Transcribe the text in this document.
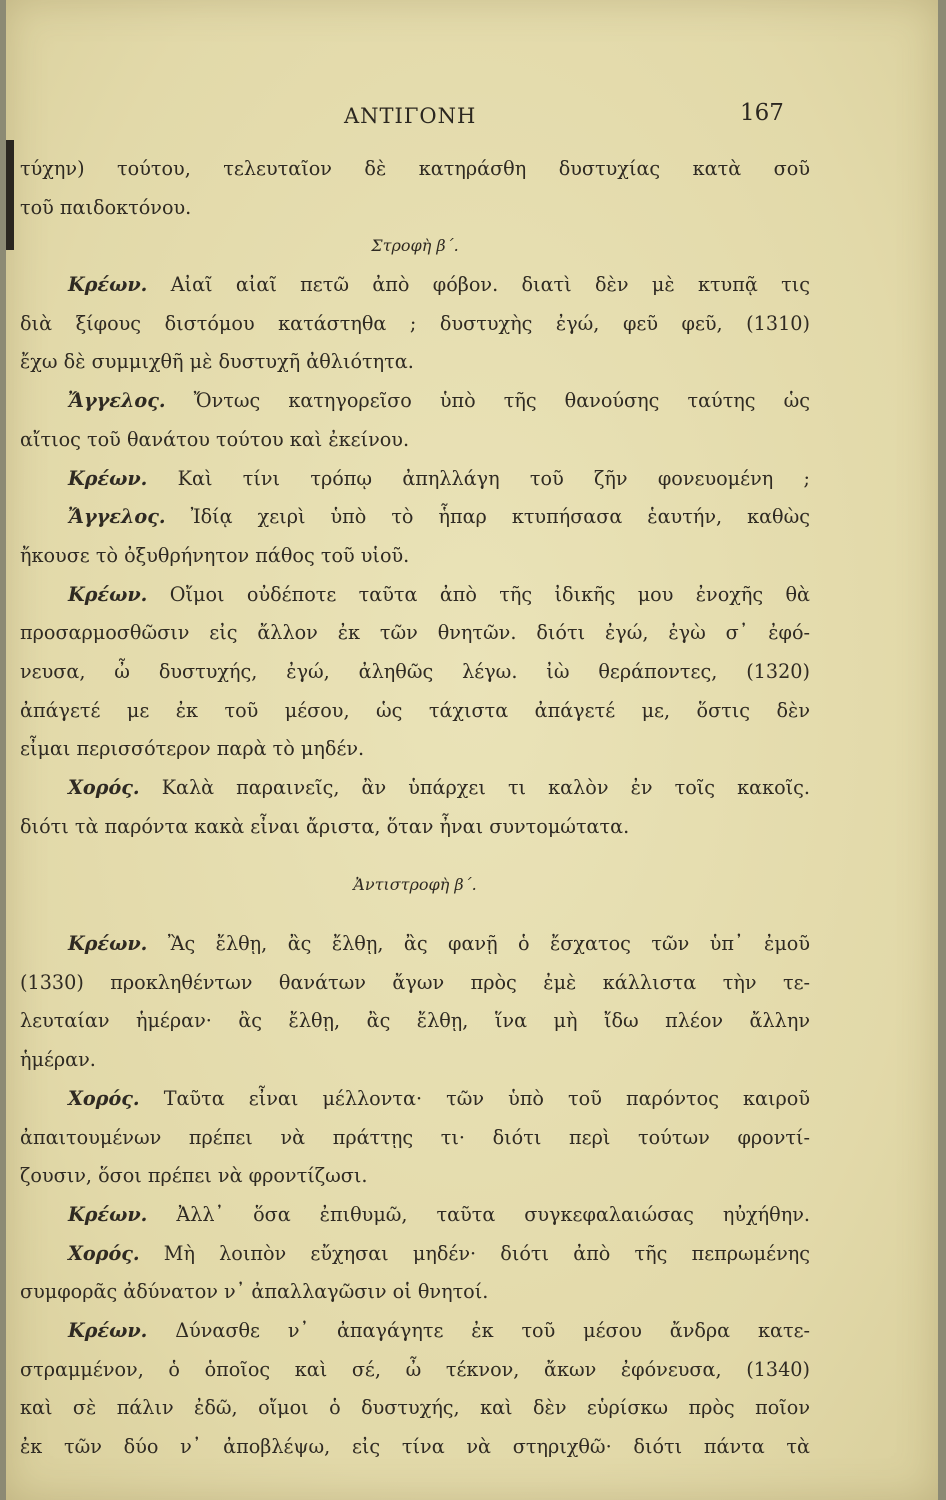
ΑΝΤΙΓΟΝΗ	167
τύχην) τούτου, τελευταῖον δὲ κατηράσθη δυστυχίας κατὰ σοῦ
τοῦ παιδοκτόνου.
Στροφὴ β΄.
Κρέων. Αἰαῖ αἰαῖ πετῶ ἀπὸ φόβον. διατὶ δὲν μὲ κτυπᾷ τις
διὰ ξίφους διστόμου κατάστηθα ; δυστυχὴς ἐγώ, φεῦ φεῦ, (1310)
ἔχω δὲ συμμιχθῆ μὲ δυστυχῆ ἀθλιότητα.
Ἄγγελος. Ὄντως κατηγορεῖσο ὑπὸ τῆς θανούσης ταύτης ὡς
αἴτιος τοῦ θανάτου τούτου καὶ ἐκείνου.
Κρέων. Καὶ τίνι τρόπῳ ἀπηλλάγη τοῦ ζῆν φονευομένη ;
Ἄγγελος. Ἰδίᾳ χειρὶ ὑπὸ τὸ ἧπαρ κτυπήσασα ἑαυτήν, καθὼς
ἤκουσε τὸ ὀξυθρήνητον πάθος τοῦ υἱοῦ.
Κρέων. Οἴμοι οὐδέποτε ταῦτα ἀπὸ τῆς ἰδικῆς μου ἐνοχῆς θὰ
προσαρμοσθῶσιν εἰς ἄλλον ἐκ τῶν θνητῶν. διότι ἐγώ, ἐγὼ σ᾽ ἐφό-
νευσα, ὦ δυστυχής, ἐγώ, ἀληθῶς λέγω. ἰὼ θεράποντες, (1320)
ἀπάγετέ με ἐκ τοῦ μέσου, ὡς τάχιστα ἀπάγετέ με, ὅστις δὲν
εἶμαι περισσότερον παρὰ τὸ μηδέν.
Χορός. Καλὰ παραινεῖς, ἂν ὑπάρχει τι καλὸν ἐν τοῖς κακοῖς.
διότι τὰ παρόντα κακὰ εἶναι ἄριστα, ὅταν ἦναι συντομώτατα.
Ἀντιστροφὴ β΄.
Κρέων. Ἂς ἔλθῃ, ἂς ἔλθῃ, ἂς φανῇ ὁ ἔσχατος τῶν ὑπ᾽ ἐμοῦ
(1330) προκληθέντων θανάτων ἄγων πρὸς ἐμὲ κάλλιστα τὴν τε-
λευταίαν ἡμέραν· ἂς ἔλθῃ, ἂς ἔλθῃ, ἵνα μὴ ἴδω πλέον ἄλλην
ἡμέραν.
Χορός. Ταῦτα εἶναι μέλλοντα· τῶν ὑπὸ τοῦ παρόντος καιροῦ
ἀπαιτουμένων πρέπει νὰ πράττῃς τι· διότι περὶ τούτων φροντί-
ζουσιν, ὅσοι πρέπει νὰ φροντίζωσι.
Κρέων. Ἀλλ᾽ ὅσα ἐπιθυμῶ, ταῦτα συγκεφαλαιώσας ηὐχήθην.
Χορός. Μὴ λοιπὸν εὔχησαι μηδέν· διότι ἀπὸ τῆς πεπρωμένης
συμφορᾶς ἀδύνατον ν᾽ ἀπαλλαγῶσιν οἱ θνητοί.
Κρέων. Δύνασθε ν᾽ ἀπαγάγητε ἐκ τοῦ μέσου ἄνδρα κατε-
στραμμένον, ὁ ὁποῖος καὶ σέ, ὦ τέκνον, ἄκων ἐφόνευσα, (1340)
καὶ σὲ πάλιν ἐδῶ, οἴμοι ὁ δυστυχής, καὶ δὲν εὑρίσκω πρὸς ποῖον
ἐκ τῶν δύο ν᾽ ἀποβλέψω, εἰς τίνα νὰ στηριχθῶ· διότι πάντα τὰ
